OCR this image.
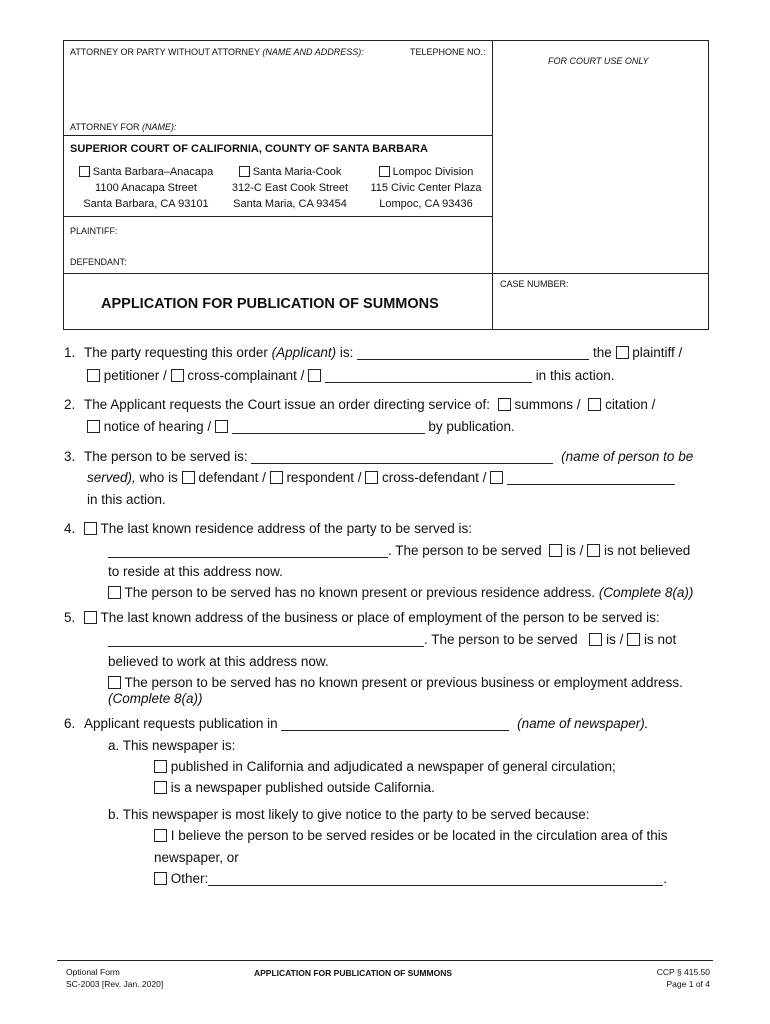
ATTORNEY OR PARTY WITHOUT ATTORNEY (NAME AND ADDRESS):	TELEPHONE NO.:
FOR COURT USE ONLY
ATTORNEY FOR (NAME):
SUPERIOR COURT OF CALIFORNIA, COUNTY OF SANTA BARBARA
Santa Barbara–Anacapa
1100 Anacapa Street
Santa Barbara, CA 93101
Santa Maria-Cook
312-C East Cook Street
Santa Maria, CA 93454
Lompoc Division
115 Civic Center Plaza
Lompoc, CA 93436
PLAINTIFF:
DEFENDANT:
CASE NUMBER:
APPLICATION FOR PUBLICATION OF SUMMONS
1. The party requesting this order (Applicant) is:	the plaintiff /
petitioner / cross-complainant /	in this action.
2. The Applicant requests the Court issue an order directing service of: summons / citation /
notice of hearing /	by publication.
3. The person to be served is:	(name of person to be
served), who is defendant / respondent / cross-defendant /
in this action.
4. The last known residence address of the party to be served is:
. The person to be served is / is not believed
to reside at this address now.
The person to be served has no known present or previous residence address. (Complete 8(a))
5. The last known address of the business or place of employment of the person to be served is:
. The person to be served is / is not
believed to work at this address now.
The person to be served has no known present or previous business or employment address.
(Complete 8(a))
6. Applicant requests publication in	(name of newspaper).
a. This newspaper is:
published in California and adjudicated a newspaper of general circulation;
is a newspaper published outside California.
b. This newspaper is most likely to give notice to the party to be served because:
I believe the person to be served resides or be located in the circulation area of this
newspaper, or
Other:	.
Optional Form
SC-2003 [Rev. Jan. 2020]
APPLICATION FOR PUBLICATION OF SUMMONS	CCP § 415.50
Page 1 of 4
